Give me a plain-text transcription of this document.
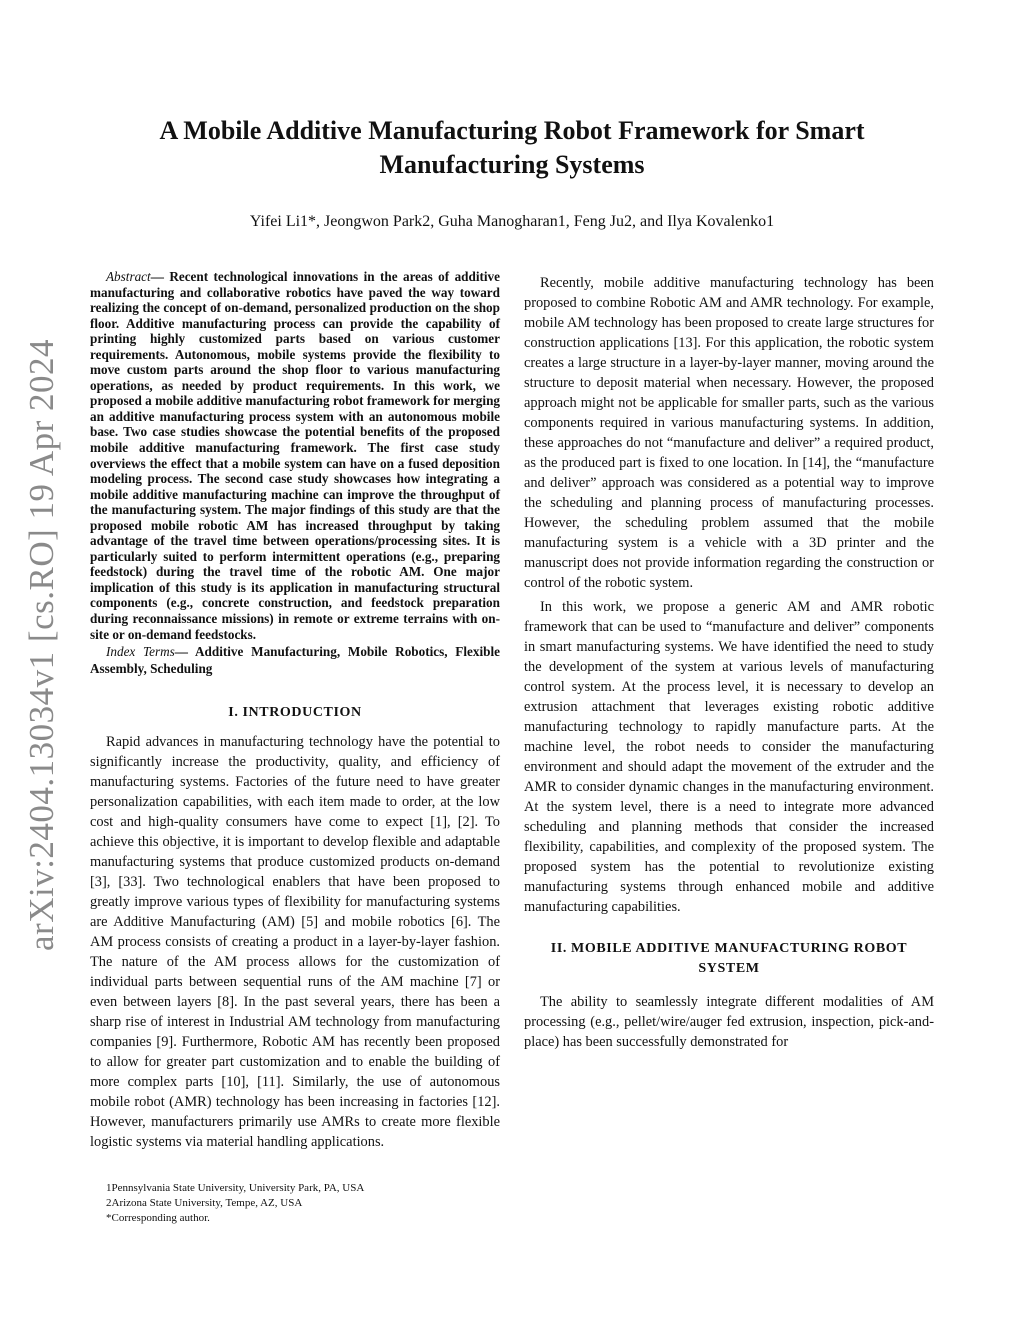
arXiv:2404.13034v1 [cs.RO] 19 Apr 2024
A Mobile Additive Manufacturing Robot Framework for Smart
Manufacturing Systems

Yifei Li1*, Jeongwon Park2, Guha Manogharan1, Feng Ju2, and Ilya Kovalenko1

Abstract— Recent technological innovations in the areas of additive manufacturing and collaborative robotics have paved the way toward realizing the concept of on-demand, personalized production on the shop floor. Additive manufacturing process can provide the capability of printing highly customized parts based on various customer requirements. Autonomous, mobile systems provide the flexibility to move custom parts around the shop floor to various manufacturing operations, as needed by product requirements. In this work, we proposed a mobile additive manufacturing robot framework for merging an additive manufacturing process system with an autonomous mobile base. Two case studies showcase the potential benefits of the proposed mobile additive manufacturing framework. The first case study overviews the effect that a mobile system can have on a fused deposition modeling process. The second case study showcases how integrating a mobile additive manufacturing machine can improve the throughput of the manufacturing system. The major findings of this study are that the proposed mobile robotic AM has increased throughput by taking advantage of the travel time between operations/processing sites. It is particularly suited to perform intermittent operations (e.g., preparing feedstock) during the travel time of the robotic AM. One major implication of this study is its application in manufacturing structural components (e.g., concrete construction, and feedstock preparation during reconnaissance missions) in remote or extreme terrains with on-site or on-demand feedstocks.

Index Terms— Additive Manufacturing, Mobile Robotics, Flexible Assembly, Scheduling

I. INTRODUCTION

Rapid advances in manufacturing technology have the potential to significantly increase the productivity, quality, and efficiency of manufacturing systems. Factories of the future need to have greater personalization capabilities, with each item made to order, at the low cost and high-quality consumers have come to expect [1], [2]. To achieve this objective, it is important to develop flexible and adaptable manufacturing systems that produce customized products on-demand [3], [33]. Two technological enablers that have been proposed to greatly improve various types of flexibility for manufacturing systems are Additive Manufacturing (AM) [5] and mobile robotics [6]. The AM process consists of creating a product in a layer-by-layer fashion. The nature of the AM process allows for the customization of individual parts between sequential runs of the AM machine [7] or even between layers [8]. In the past several years, there has been a sharp rise of interest in Industrial AM technology from manufacturing companies [9]. Furthermore, Robotic AM has recently been proposed to allow for greater part customization and to enable the building of more complex parts [10], [11]. Similarly, the use of autonomous mobile robot (AMR) technology has been increasing in factories [12]. However, manufacturers primarily use AMRs to create more flexible logistic systems via material handling applications.

Recently, mobile additive manufacturing technology has been proposed to combine Robotic AM and AMR technology. For example, mobile AM technology has been proposed to create large structures for construction applications [13]. For this application, the robotic system creates a large structure in a layer-by-layer manner, moving around the structure to deposit material when necessary. However, the proposed approach might not be applicable for smaller parts, such as the various components required in various manufacturing systems. In addition, these approaches do not “manufacture and deliver” a required product, as the produced part is fixed to one location. In [14], the “manufacture and deliver” approach was considered as a potential way to improve the scheduling and planning process of manufacturing processes. However, the scheduling problem assumed that the mobile manufacturing system is a vehicle with a 3D printer and the manuscript does not provide information regarding the construction or control of the robotic system.

In this work, we propose a generic AM and AMR robotic framework that can be used to “manufacture and deliver” components in smart manufacturing systems. We have identified the need to study the development of the system at various levels of manufacturing control system. At the process level, it is necessary to develop an extrusion attachment that leverages existing robotic additive manufacturing technology to rapidly manufacture parts. At the machine level, the robot needs to consider the manufacturing environment and should adapt the movement of the extruder and the AMR to consider dynamic changes in the manufacturing environment. At the system level, there is a need to integrate more advanced scheduling and planning methods that consider the increased flexibility, capabilities, and complexity of the proposed system. The proposed system has the potential to revolutionize existing manufacturing systems through enhanced mobile and additive manufacturing capabilities.

II. MOBILE ADDITIVE MANUFACTURING ROBOT SYSTEM

The ability to seamlessly integrate different modalities of AM processing (e.g., pellet/wire/auger fed extrusion, inspection, pick-and-place) has been successfully demonstrated for

1Pennsylvania State University, University Park, PA, USA
2Arizona State University, Tempe, AZ, USA
*Corresponding author.
